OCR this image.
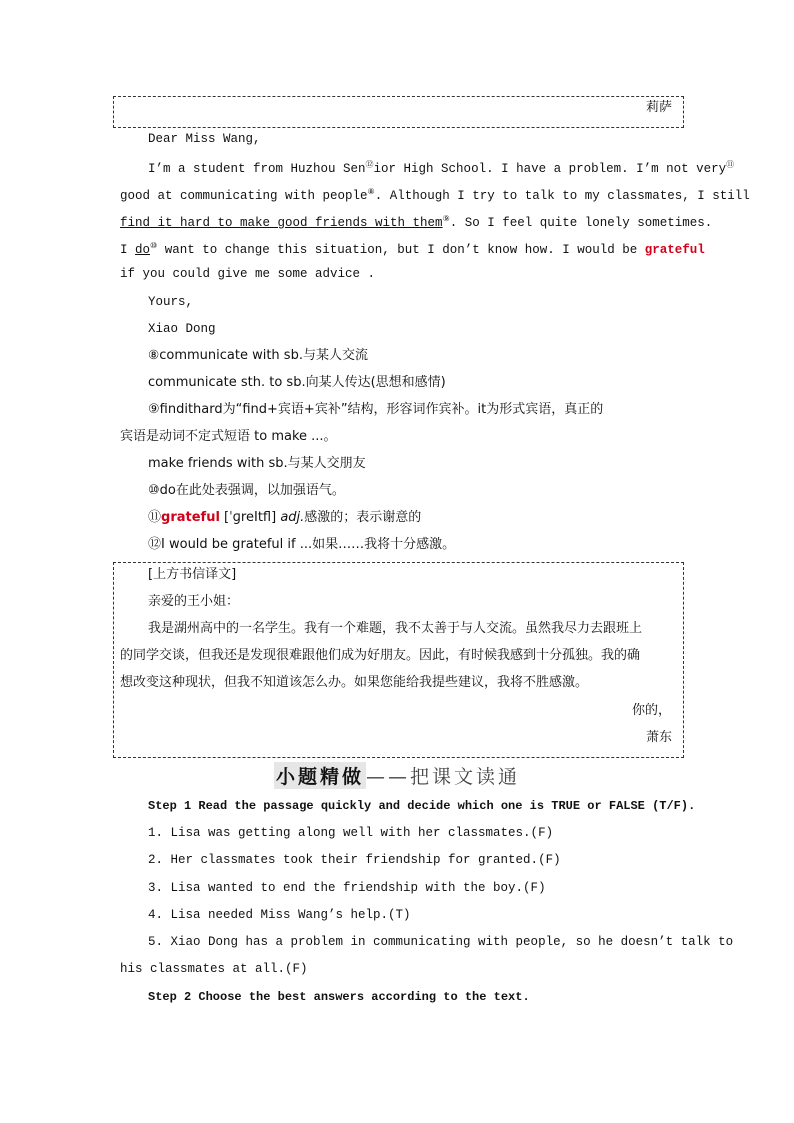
莉萨
Dear Miss Wang,
I’m a student from Huzhou Sen⑫ior High School. I have a problem. I’m not very⑪
good at communicating with people⑧. Although I try to talk to my classmates, I still
find it hard to make good friends with them⑨. So I feel quite lonely sometimes.
I do⑩ want to change this situation, but I don’t know how. I would be grateful
if you could give me some advice .
Yours,
Xiao Dong
⑧communicate with sb.与某人交流
communicate sth. to sb.向某人传达(思想和感情)
⑨findithard为“find+宾语+宾补”结构，形容词作宾补。it为形式宾语，真正的
宾语是动词不定式短语 to make ...。
make friends with sb.与某人交朋友
⑩do在此处表强调，以加强语气。
⑪grateful [ˈɡreItfl] adj.感激的；表示谢意的
⑫I would be grateful if ...如果……我将十分感激。
[上方书信译文]
亲爱的王小姐：
我是湖州高中的一名学生。我有一个难题，我不太善于与人交流。虽然我尽力去跟班上
的同学交谈，但我还是发现很难跟他们成为好朋友。因此，有时候我感到十分孤独。我的确
想改变这种现状，但我不知道该怎么办。如果您能给我提些建议，我将不胜感激。
你的，
萧东
小题精做 ——把课文读通
Step 1 Read the passage quickly and decide which one is TRUE or FALSE (T/F).
1. Lisa was getting along well with her classmates.(F)
2. Her classmates took their friendship for granted.(F)
3. Lisa wanted to end the friendship with the boy.(F)
4. Lisa needed Miss Wang’s help.(T)
5. Xiao Dong has a problem in communicating with people, so he doesn’t talk to
his classmates at all.(F)
Step 2 Choose the best answers according to the text.
